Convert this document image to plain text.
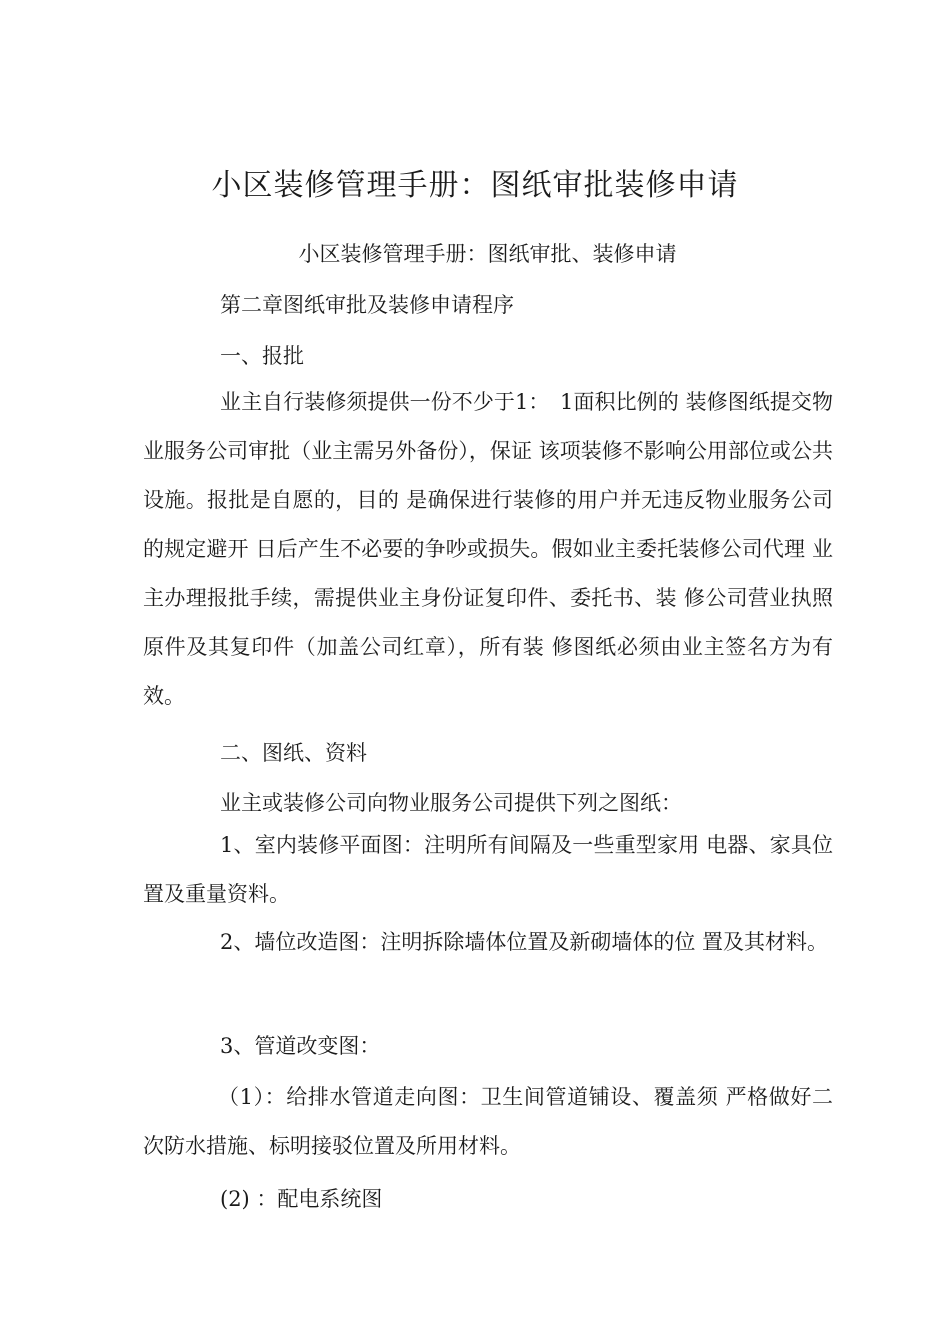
小区装修管理手册：图纸审批装修申请
小区装修管理手册：图纸审批、装修申请
第二章图纸审批及装修申请程序
一、报批

业主自行装修须提供一份不少于1：　1面积比例的 装修图纸提交物业服务公司审批（业主需另外备份），保证 该项装修不影响公用部位或公共设施。报批是自愿的，目的 是确保进行装修的用户并无违反物业服务公司的规定避开 日后产生不必要的争吵或损失。假如业主委托装修公司代理 业主办理报批手续，需提供业主身份证复印件、委托书、装 修公司营业执照原件及其复印件（加盖公司红章），所有装 修图纸必须由业主签名方为有效。

二、图纸、资料
业主或装修公司向物业服务公司提供下列之图纸：

1、室内装修平面图：注明所有间隔及一些重型家用 电器、家具位置及重量资料。

2、墙位改造图：注明拆除墙体位置及新砌墙体的位 置及其材料。

3、管道改变图：

（1）：给排水管道走向图：卫生间管道铺设、覆盖须 严格做好二次防水措施、标明接驳位置及所用材料。

(2) ：配电系统图
